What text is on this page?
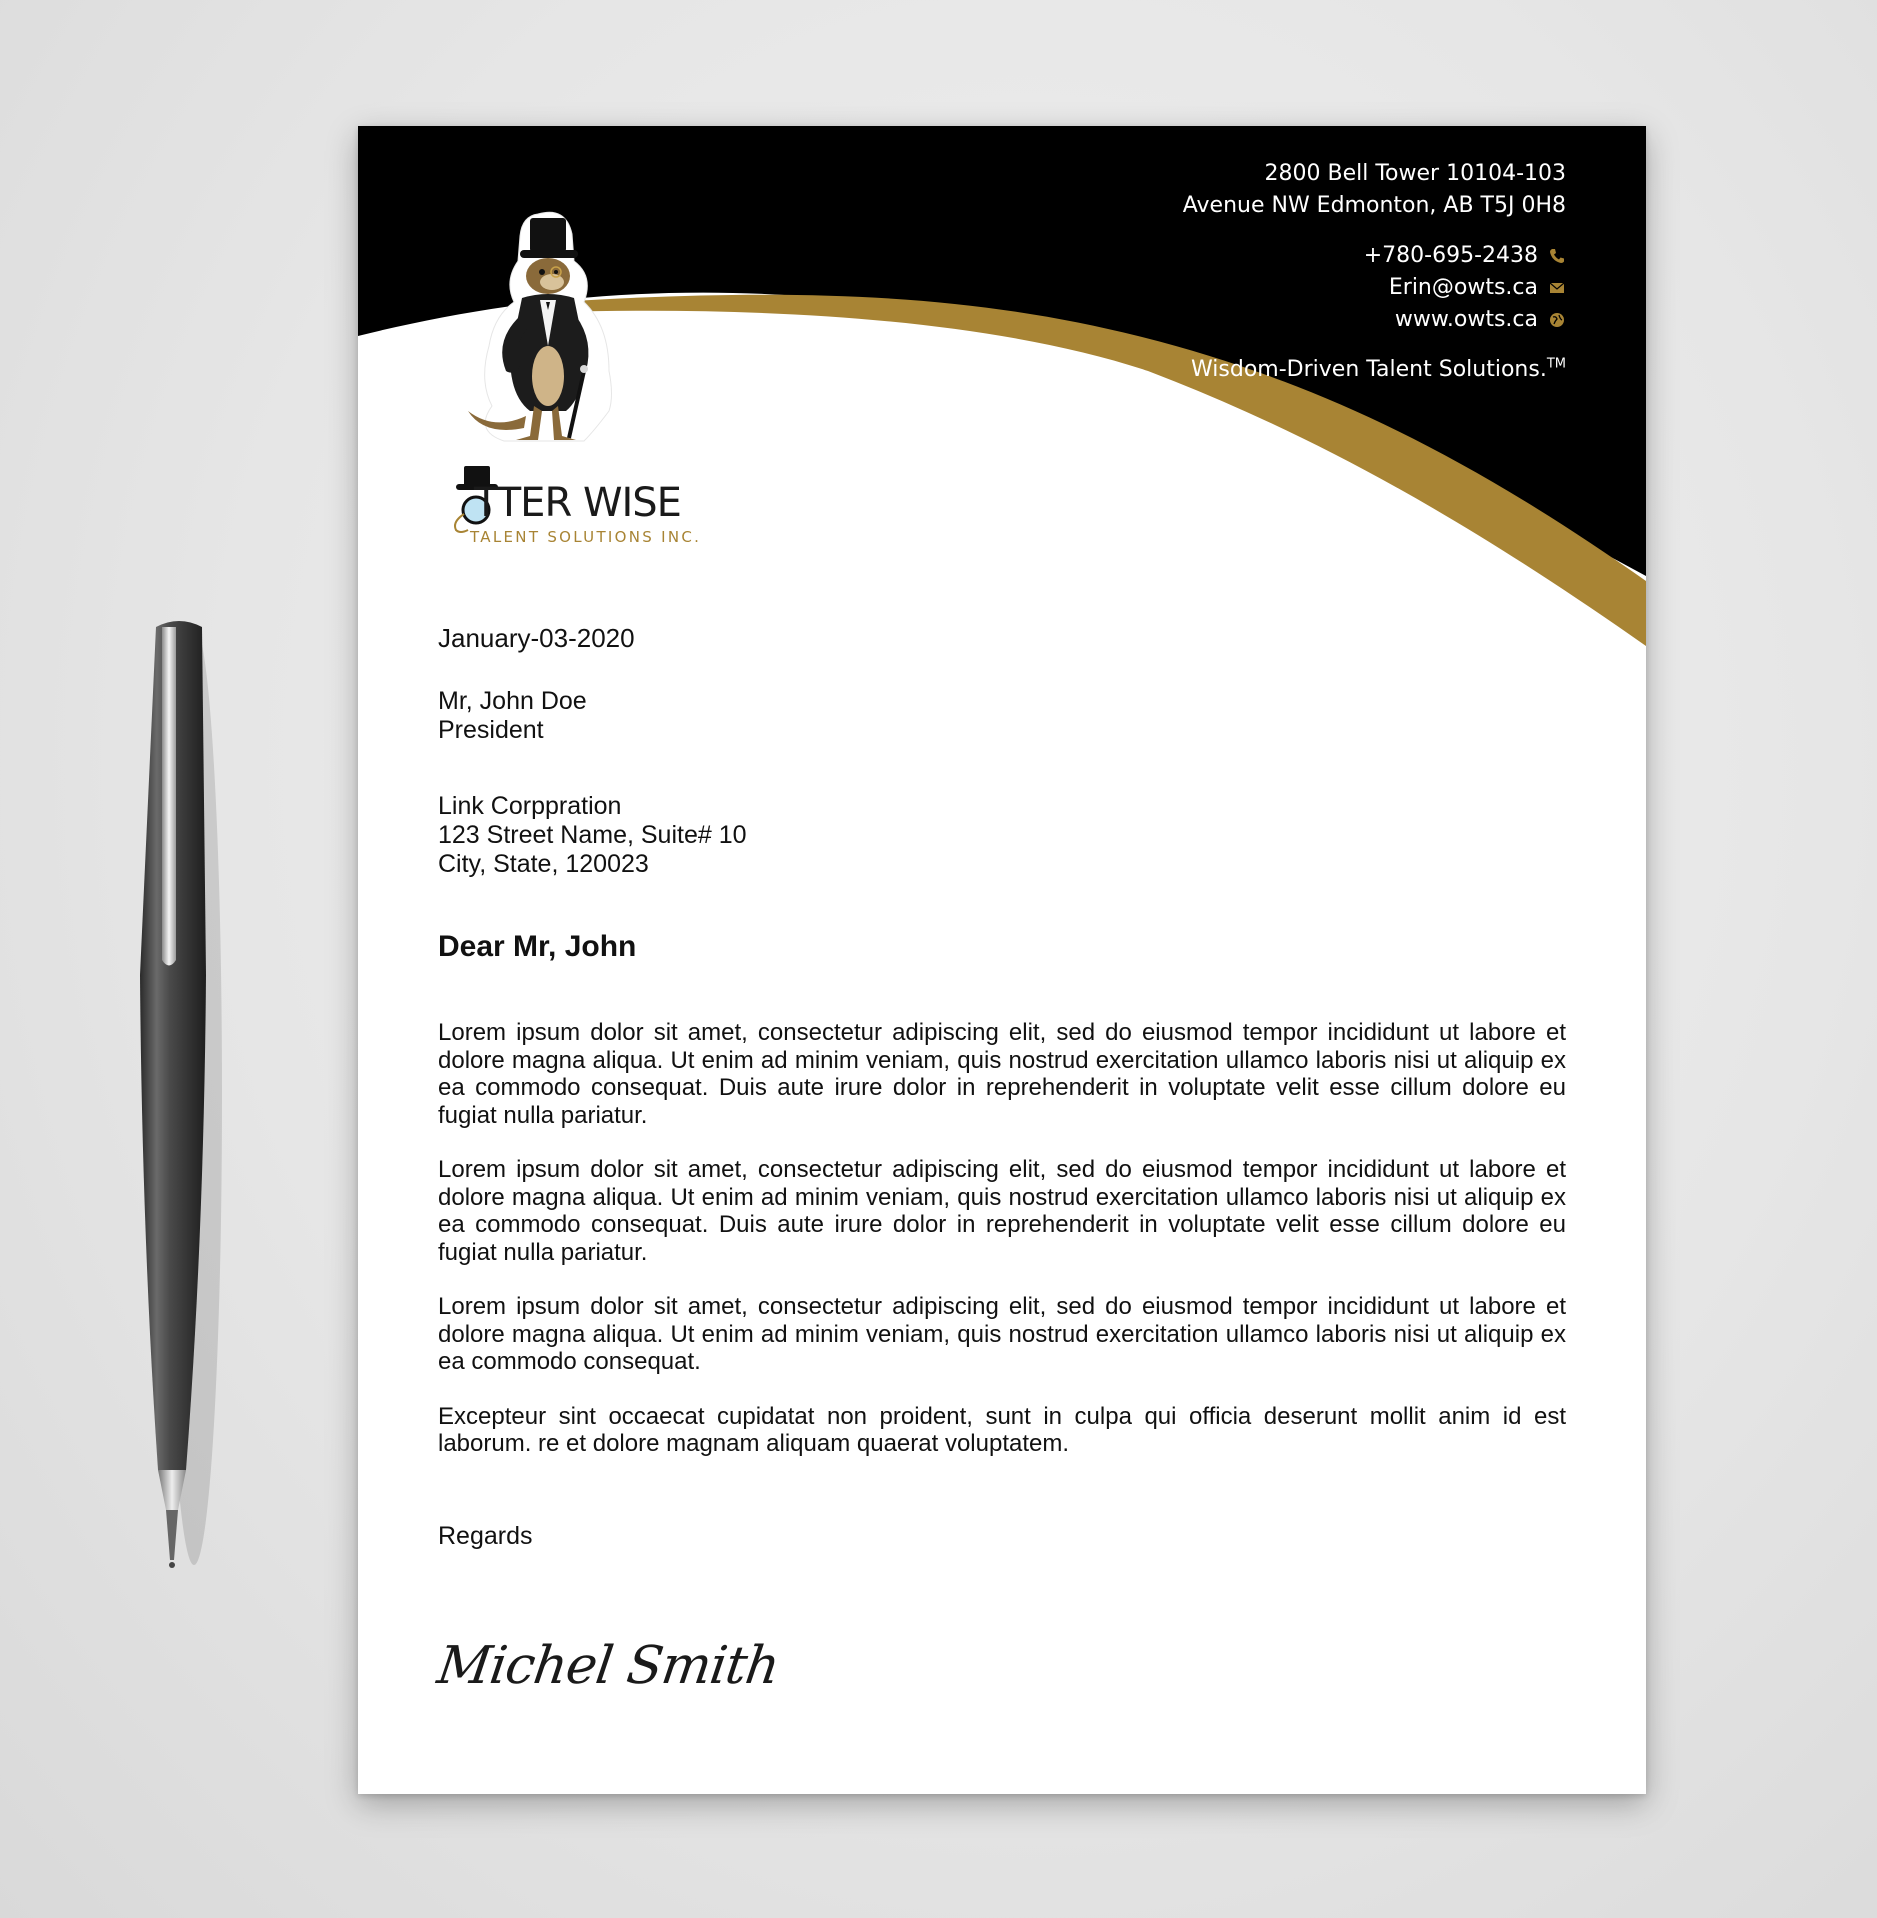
2800 Bell Tower 10104-103
Avenue NW Edmonton, AB T5J 0H8
+780-695-2438
Erin@owts.ca
www.owts.ca
Wisdom-Driven Talent Solutions.™
TTER WISE
TALENT SOLUTIONS INC.
January-03-2020
Mr, John Doe
President
Link Corppration
123 Street Name, Suite# 10
City, State, 120023
Dear Mr, John

Lorem ipsum dolor sit amet, consectetur adipiscing elit, sed do eiusmod tempor incididunt ut labore et dolore magna aliqua. Ut enim ad minim veniam, quis nostrud exercitation ullamco laboris nisi ut aliquip ex ea commodo consequat. Duis aute irure dolor in reprehenderit in voluptate velit esse cillum dolore eu fugiat nulla pariatur.

Lorem ipsum dolor sit amet, consectetur adipiscing elit, sed do eiusmod tempor incididunt ut labore et dolore magna aliqua. Ut enim ad minim veniam, quis nostrud exercitation ullamco laboris nisi ut aliquip ex ea commodo consequat. Duis aute irure dolor in reprehenderit in voluptate velit esse cillum dolore eu fugiat nulla pariatur.

Lorem ipsum dolor sit amet, consectetur adipiscing elit, sed do eiusmod tempor incididunt ut labore et dolore magna aliqua. Ut enim ad minim veniam, quis nostrud exercitation ullamco laboris nisi ut aliquip ex ea commodo consequat.

Excepteur sint occaecat cupidatat non proident, sunt in culpa qui officia deserunt mollit anim id est laborum. re et dolore magnam aliquam quaerat voluptatem.

Regards
Michel Smith
